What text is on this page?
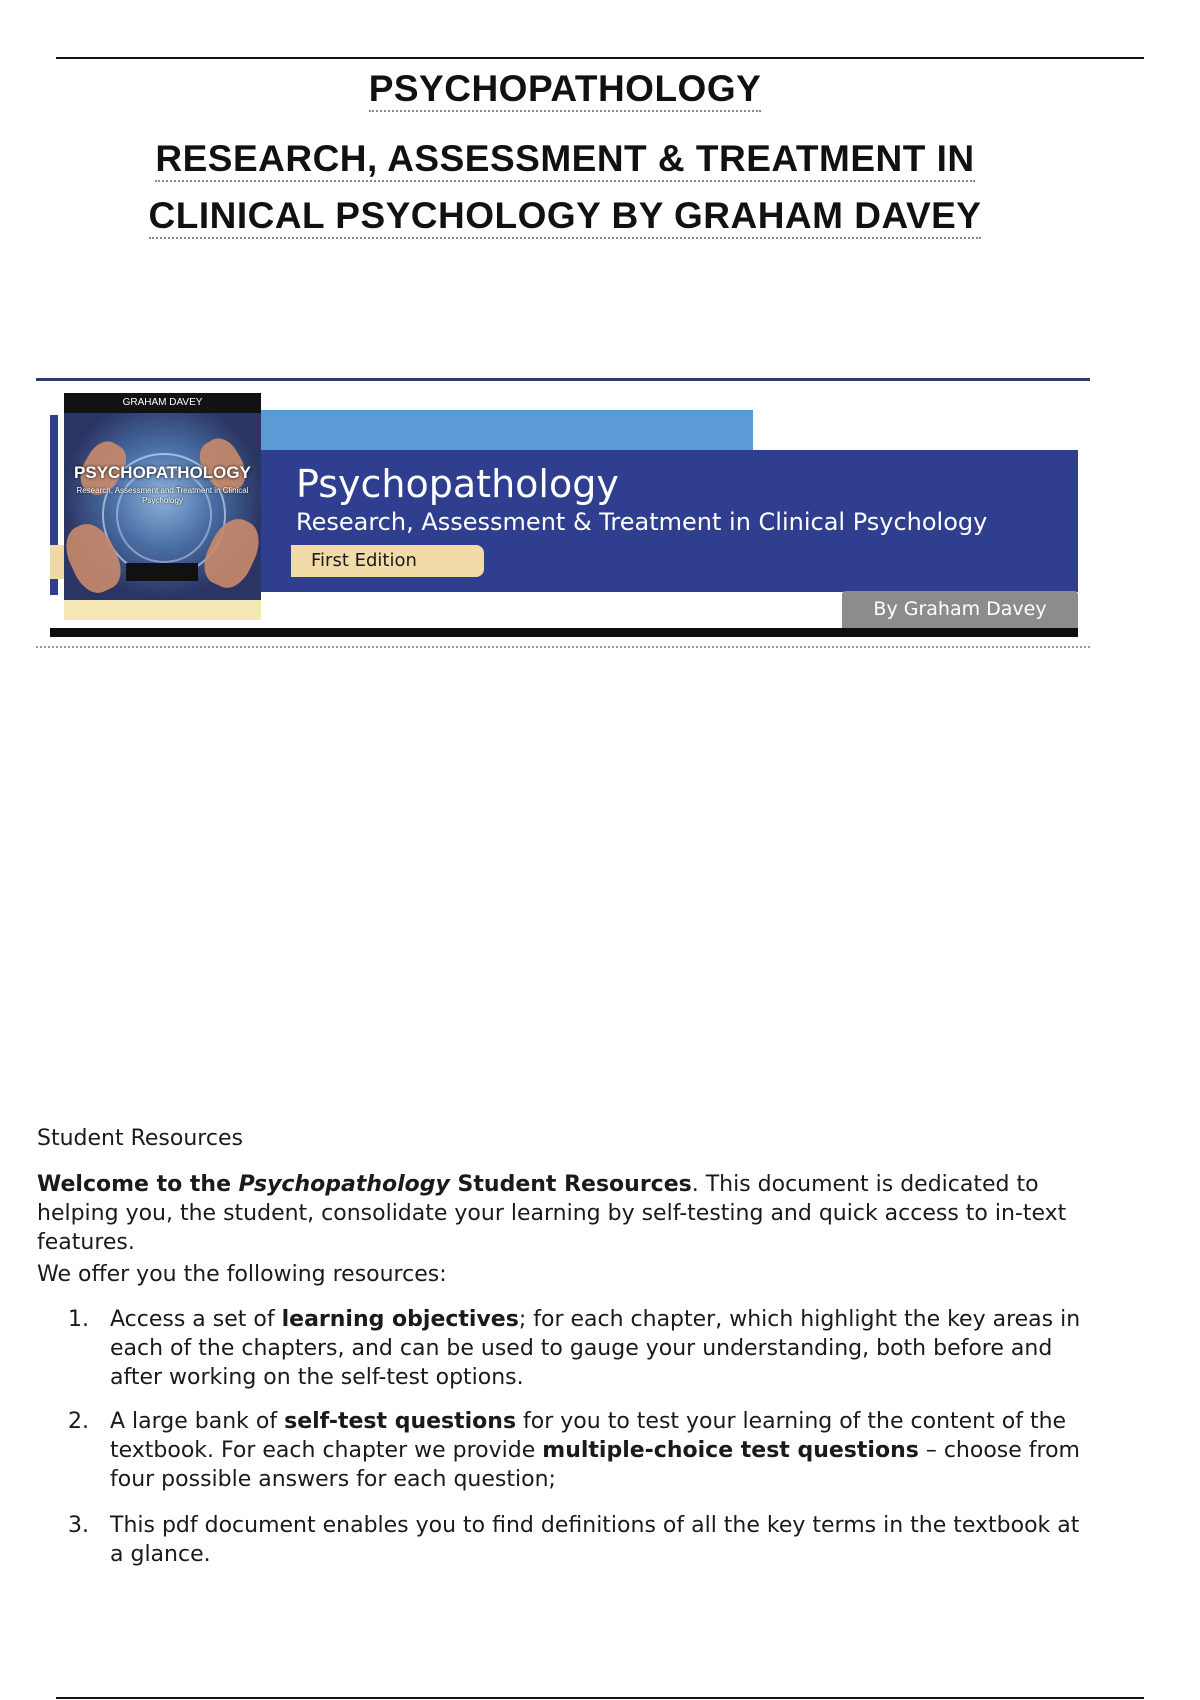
PSYCHOPATHOLOGY
RESEARCH, ASSESSMENT & TREATMENT IN
CLINICAL PSYCHOLOGY BY GRAHAM DAVEY
GRAHAM DAVEY
PSYCHOPATHOLOGY
Research, Assessment and Treatment in Clinical Psychology	Psychopathology
Research, Assessment & Treatment in Clinical Psychology
First Edition
By Graham Davey
Student Resources
Welcome to the Psychopathology Student Resources. This document is dedicated to helping you, the student, consolidate your learning by self-testing and quick access to in-text features.
We offer you the following resources:
1. Access a set of learning objectives; for each chapter, which highlight the key areas in each of the chapters, and can be used to gauge your understanding, both before and after working on the self-test options.
2. A large bank of self-test questions for you to test your learning of the content of the textbook. For each chapter we provide multiple-choice test questions – choose from four possible answers for each question;
3. This pdf document enables you to find definitions of all the key terms in the textbook at a glance.
